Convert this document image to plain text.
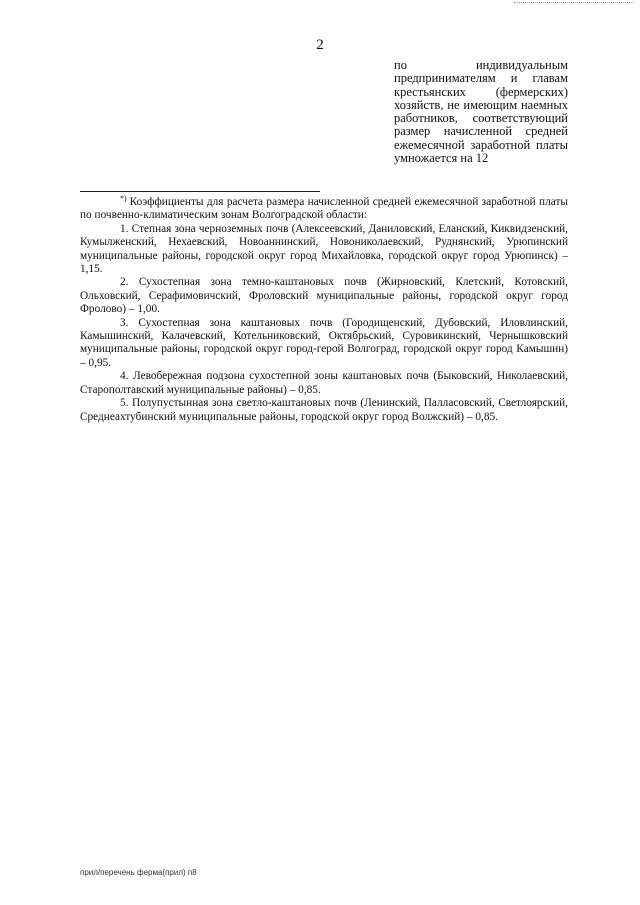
2
по индивидуальным предпринимателям и главам крестьянских (фермерских) хозяйств, не имеющим наемных работников, соответствующий размер начисленной средней ежемесячной заработной платы умножается на 12

*) Коэффициенты для расчета размера начисленной средней ежемесячной заработной платы по почвенно-климатическим зонам Волгоградской области:

1. Степная зона черноземных почв (Алексеевский, Даниловский, Еланский, Киквидзенский, Кумылженский, Нехаевский, Новоаннинский, Новониколаевский, Руднянский, Урюпинский муниципальные районы, городской округ город Михайловка, городской округ город Урюпинск) – 1,15.

2. Сухостепная зона темно-каштановых почв (Жирновский, Клетский, Котовский, Ольховский, Серафимовичский, Фроловский муниципальные районы, городской округ город Фролово) – 1,00.

3. Сухостепная зона каштановых почв (Городищенский, Дубовский, Иловлинский, Камышинский, Калачевский, Котельниковский, Октябрьский, Суровикинский, Чернышковский муниципальные районы, городской округ город-герой Волгоград, городской округ город Камышин) – 0,95.

4. Левобережная подзона сухостепной зоны каштановых почв (Быковский, Николаевский, Старополтавский муниципальные районы) – 0,85.

5. Полупустынная зона светло-каштановых почв (Ленинский, Палласовский, Светлоярский, Среднеахтубинский муниципальные районы, городской округ город Волжский) – 0,85.

прил/перечень ферма(прил) п8
